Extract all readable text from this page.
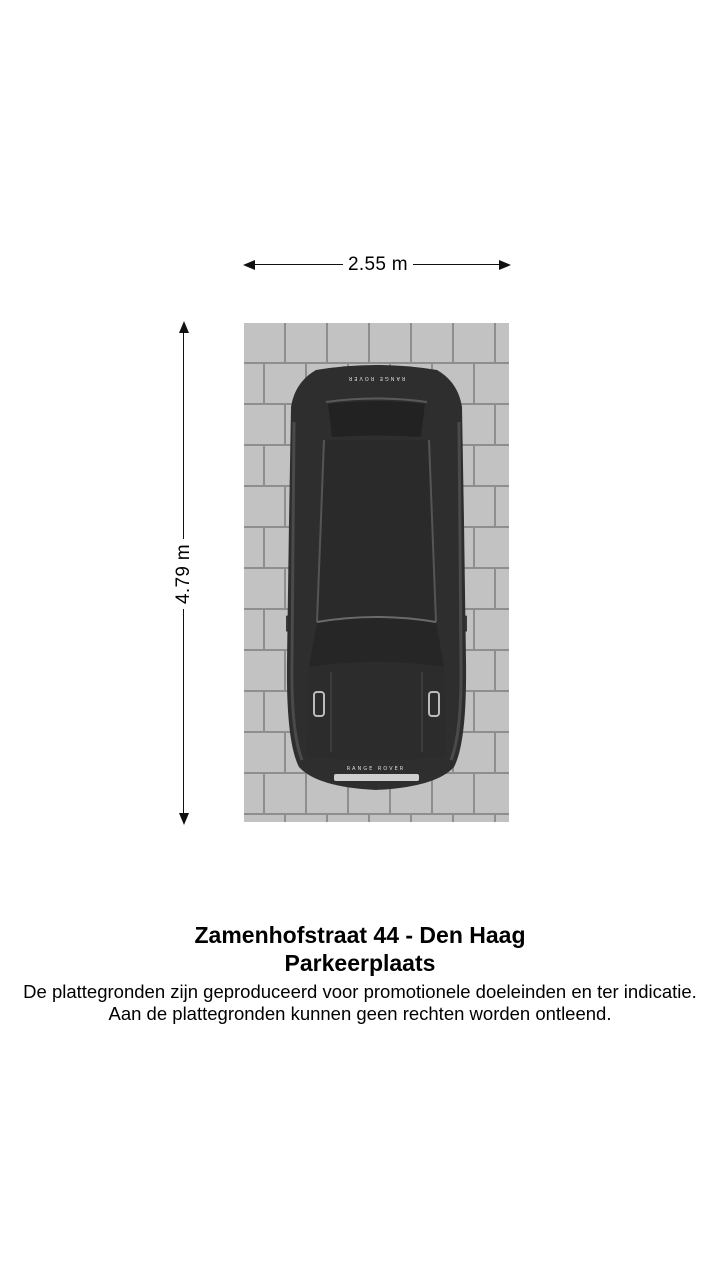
2.55 m
4.79 m
RANGE ROVER
RANGE ROVER
Zamenhofstraat 44 - Den Haag
Parkeerplaats
De plattegronden zijn geproduceerd voor promotionele doeleinden en ter indicatie.
Aan de plattegronden kunnen geen rechten worden ontleend.
